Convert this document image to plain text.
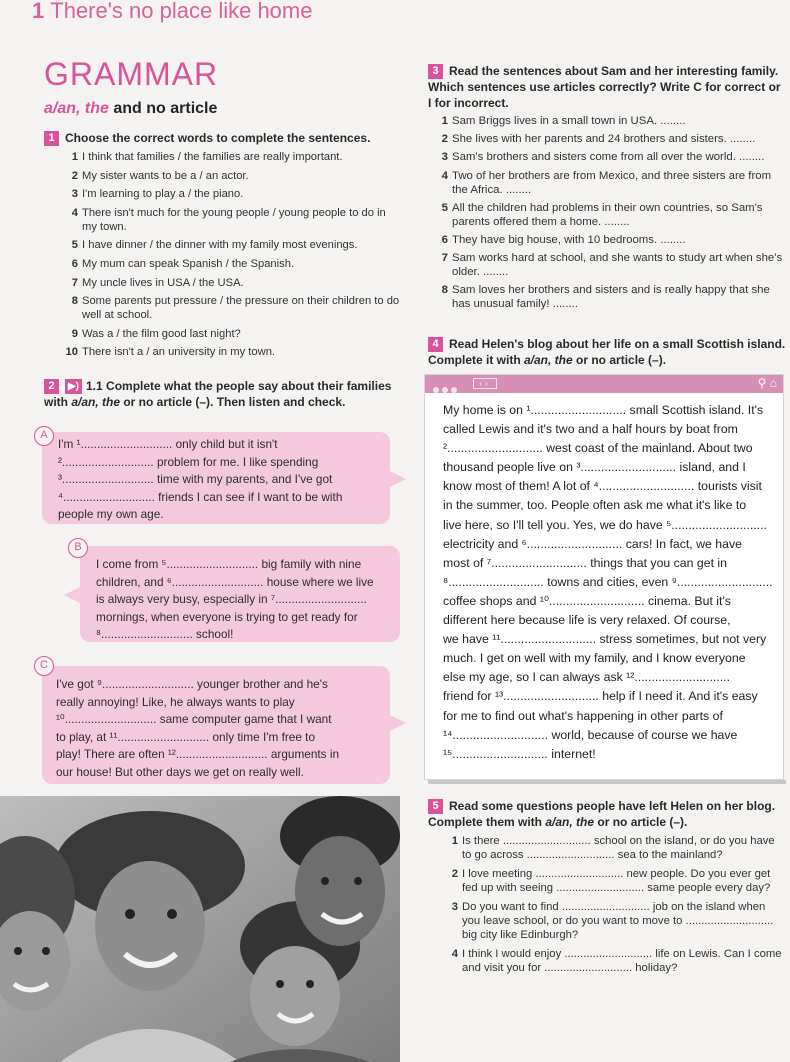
1 There's no place like home
GRAMMAR
a/an, the and no article
1 Choose the correct words to complete the sentences.
1 I think that families / the families are really important.
2 My sister wants to be a / an actor.
3 I'm learning to play a / the piano.
4 There isn't much for the young people / young people to do in my town.
5 I have dinner / the dinner with my family most evenings.
6 My mum can speak Spanish / the Spanish.
7 My uncle lives in USA / the USA.
8 Some parents put pressure / the pressure on their children to do well at school.
9 Was a / the film good last night?
10 There isn't a / an university in my town.
2 ▶) 1.1 Complete what the people say about their families with a/an, the or no article (–). Then listen and check.
A
I'm ¹............................ only child but it isn't
²............................ problem for me. I like spending
³............................ time with my parents, and I've got
⁴............................ friends I can see if I want to be with
people my own age.
B
I come from ⁵............................ big family with nine
children, and ⁶............................ house where we live
is always very busy, especially in ⁷............................
mornings, when everyone is trying to get ready for
⁸............................ school!
C
I've got ⁹............................ younger brother and he's
really annoying! Like, he always wants to play
¹⁰............................ same computer game that I want
to play, at ¹¹............................ only time I'm free to
play! There are often ¹²............................ arguments in
our house! But other days we get on really well.
3 Read the sentences about Sam and her interesting family. Which sentences use articles correctly? Write C for correct or I for incorrect.
1 Sam Briggs lives in a small town in USA. ........
2 She lives with her parents and 24 brothers and sisters. ........
3 Sam's brothers and sisters come from all over the world. ........
4 Two of her brothers are from Mexico, and three sisters are from the Africa. ........
5 All the children had problems in their own countries, so Sam's parents offered them a home. ........
6 They have big house, with 10 bedrooms. ........
7 Sam works hard at school, and she wants to study art when she's older. ........
8 Sam loves her brothers and sisters and is really happy that she has unusual family! ........
4 Read Helen's blog about her life on a small Scottish island. Complete it with a/an, the or no article (–).
‹›	⚲ ⌂
My home is on ¹............................ small Scottish island. It's
called Lewis and it's two and a half hours by boat from
²............................ west coast of the mainland. About two
thousand people live on ³............................ island, and I
know most of them! A lot of ⁴............................ tourists visit
in the summer, too. People often ask me what it's like to
live here, so I'll tell you. Yes, we do have ⁵............................
electricity and ⁶............................ cars! In fact, we have
most of ⁷............................ things that you can get in
⁸............................ towns and cities, even ⁹............................
coffee shops and ¹⁰............................ cinema. But it's
different here because life is very relaxed. Of course,
we have ¹¹............................ stress sometimes, but not very
much. I get on well with my family, and I know everyone
else my age, so I can always ask ¹²............................
friend for ¹³............................ help if I need it. And it's easy
for me to find out what's happening in other parts of
¹⁴............................ world, because of course we have
¹⁵............................ internet!
5 Read some questions people have left Helen on her blog. Complete them with a/an, the or no article (–).
1 Is there ............................ school on the island, or do you have to go across ............................ sea to the mainland?
2 I love meeting ............................ new people. Do you ever get fed up with seeing ............................ same people every day?
3 Do you want to find ............................ job on the island when you leave school, or do you want to move to ............................ big city like Edinburgh?
4 I think I would enjoy ............................ life on Lewis. Can I come and visit you for ............................ holiday?
